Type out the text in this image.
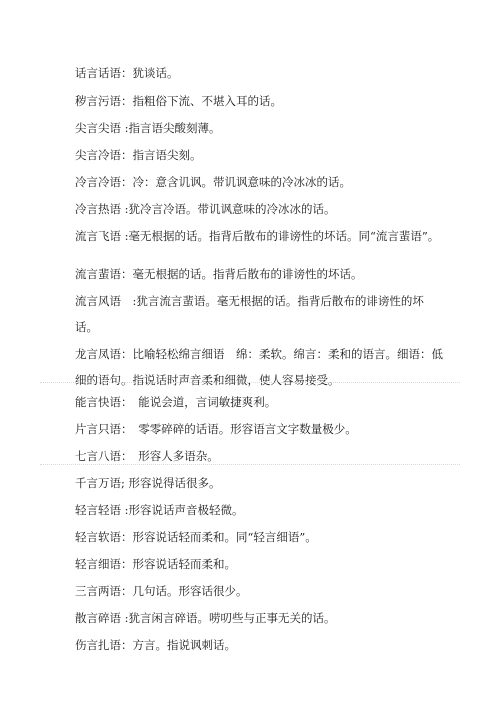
话言话语：犹谈话。
秽言污语：指粗俗下流、不堪入耳的话。
尖言尖语 :指言语尖酸刻薄。
尖言冷语：指言语尖刻。
冷言冷语：冷：意含讥讽。带讥讽意味的冷冰冰的话。
冷言热语 :犹冷言冷语。带讥讽意味的冷冰冰的话。
流言飞语 :毫无根据的话。指背后散布的诽谤性的坏话。同“流言蜚语”。
流言蜚语：毫无根据的话。指背后散布的诽谤性的坏话。
流言风语　:犹言流言蜚语。毫无根据的话。指背后散布的诽谤性的坏话。
龙言凤语：比喻轻松绵言细语　绵：柔软。绵言：柔和的语言。细语：低细的语句。指说话时声音柔和细微，使人容易接受。
能言快语：　能说会道，言词敏捷爽利。
片言只语：　零零碎碎的话语。形容语言文字数量极少。
七言八语：　形容人多语杂。
千言万语; 形容说得话很多。
轻言轻语 :形容说话声音极轻微。
轻言软语：形容说话轻而柔和。同“轻言细语”。
轻言细语：形容说话轻而柔和。
三言两语：几句话。形容话很少。
散言碎语 :犹言闲言碎语。唠叨些与正事无关的话。
伤言扎语：方言。指说讽刺话。
